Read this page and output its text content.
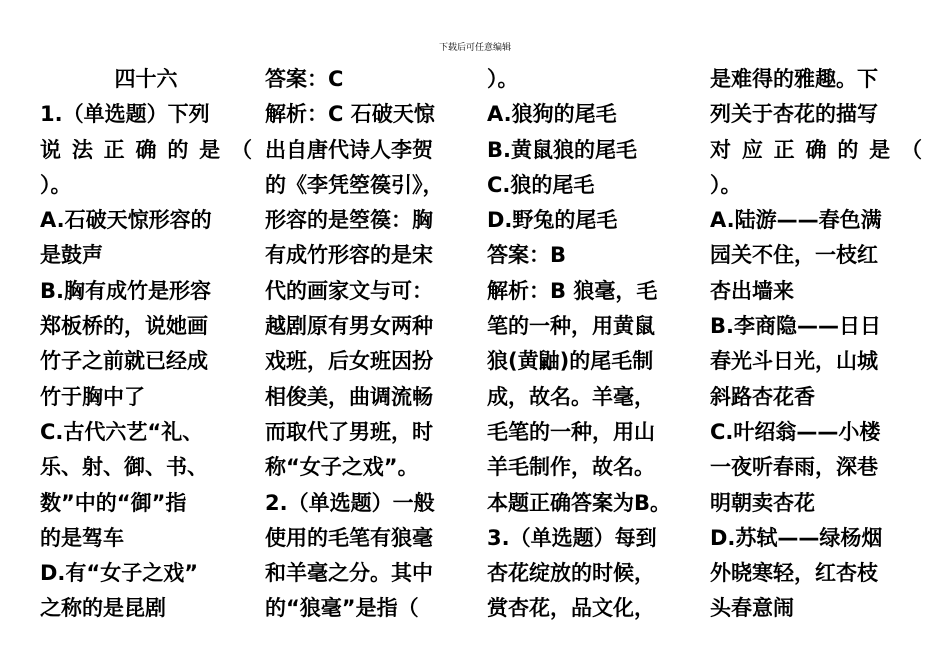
下载后可任意编辑
四十六
1.（单选题）下列
说法正确的是（
）。
A.石破天惊形容的
是鼓声
B.胸有成竹是形容
郑板桥的，说她画
竹子之前就已经成
竹于胸中了
C.古代六艺“礼、
乐、射、御、书、
数”中的“御”指
的是驾车
D.有“女子之戏”
之称的是昆剧
答案：C
解析：C 石破天惊
出自唐代诗人李贺
的《李凭箜篌引》，
形容的是箜篌：胸
有成竹形容的是宋
代的画家文与可：
越剧原有男女两种
戏班，后女班因扮
相俊美，曲调流畅
而取代了男班，时
称“女子之戏”。
2.（单选题）一般
使用的毛笔有狼毫
和羊毫之分。其中
的“狼毫”是指（
）。
A.狼狗的尾毛
B.黄鼠狼的尾毛
C.狼的尾毛
D.野兔的尾毛
答案：B
解析：B 狼毫，毛
笔的一种，用黄鼠
狼(黄鼬)的尾毛制
成，故名。羊毫，
毛笔的一种，用山
羊毛制作，故名。
本题正确答案为B。
3.（单选题）每到
杏花绽放的时候，
赏杏花，品文化，
是难得的雅趣。下
列关于杏花的描写
对应正确的是（
）。
A.陆游——春色满
园关不住，一枝红
杏出墙来
B.李商隐——日日
春光斗日光，山城
斜路杏花香
C.叶绍翁——小楼
一夜听春雨，深巷
明朝卖杏花
D.苏轼——绿杨烟
外晓寒轻，红杏枝
头春意闹
